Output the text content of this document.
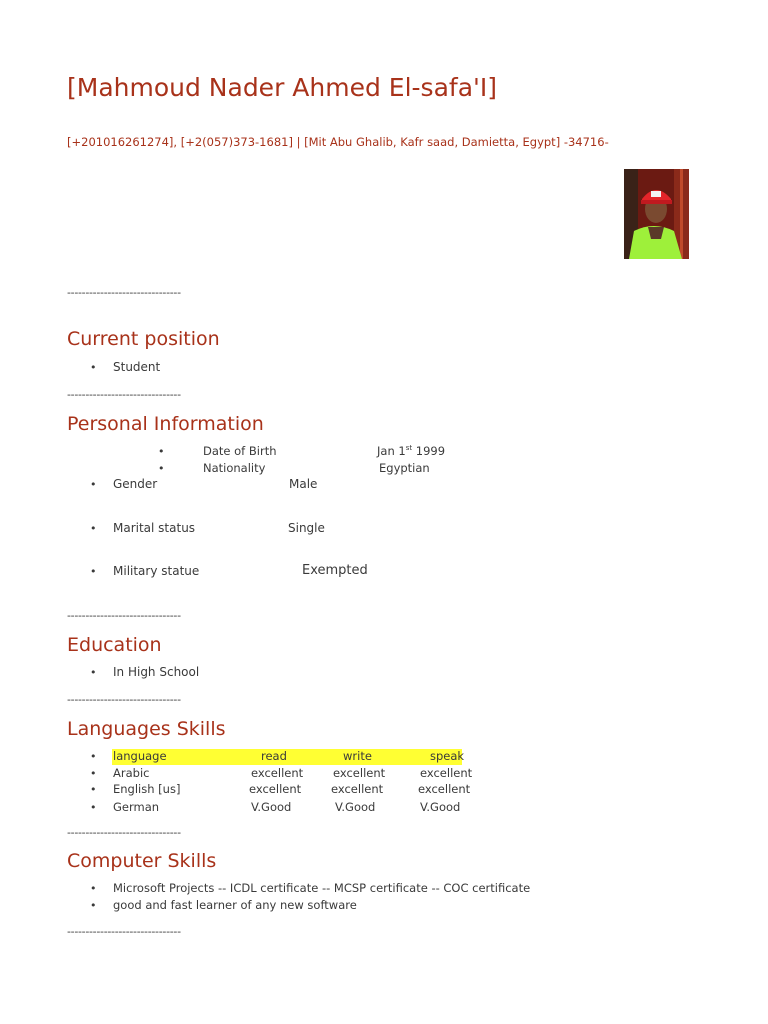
[Mahmoud Nader Ahmed El-safa'I]
[+201016261274], [+2(057)373-1681] | [Mit Abu Ghalib, Kafr saad, Damietta, Egypt] -34716-
-------------------------------
Current position
• Student
-------------------------------
Personal Information
•	Date of Birth	Jan 1st 1999
•	Nationality	Egyptian
• Gender	Male
• Marital status	Single
• Military statue	Exempted
-------------------------------
Education
• In High School
-------------------------------
Languages Skills
• language	read	write	speak
• Arabic	excellent	excellent	excellent
• English [us]	excellent	excellent	excellent
• German	V.Good	V.Good	V.Good
-------------------------------
Computer Skills
• Microsoft Projects -- ICDL certificate -- MCSP certificate -- COC certificate
• good and fast learner of any new software
-------------------------------
